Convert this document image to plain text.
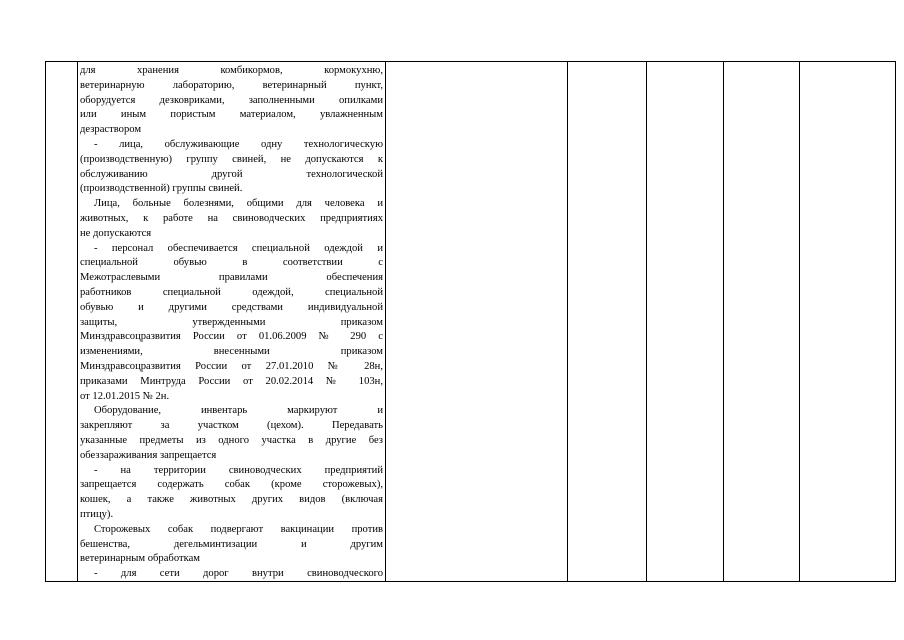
для хранения комбикормов, кормокухню,
ветеринарную лабораторию, ветеринарный пункт,
оборудуется дезковриками, заполненными опилками
или иным пористым материалом, увлажненным
дезраствором
- лица, обслуживающие одну технологическую
(производственную) группу свиней, не допускаются к
обслуживанию другой технологической
(производственной) группы свиней.
Лица, больные болезнями, общими для человека и
животных, к работе на свиноводческих предприятиях
не допускаются
- персонал обеспечивается специальной одеждой и
специальной обувью в соответствии с
Межотраслевыми правилами обеспечения
работников специальной одеждой, специальной
обувью и другими средствами индивидуальной
защиты, утвержденными приказом
Минздравсоцразвития России от 01.06.2009 № 290 с
изменениями, внесенными приказом
Минздравсоцразвития России от 27.01.2010 № 28н,
приказами Минтруда России от 20.02.2014 № 103н,
от 12.01.2015 № 2н.
Оборудование, инвентарь маркируют и
закрепляют за участком (цехом). Передавать
указанные предметы из одного участка в другие без
обеззараживания запрещается
- на территории свиноводческих предприятий
запрещается содержать собак (кроме сторожевых),
кошек, а также животных других видов (включая
птицу).
Сторожевых собак подвергают вакцинации против
бешенства, дегельминтизации и другим
ветеринарным обработкам
- для сети дорог внутри свиноводческого
